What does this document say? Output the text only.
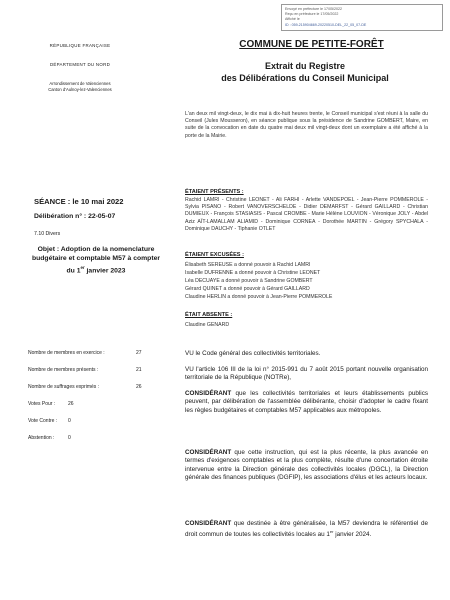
Envoyé en préfecture le 17/05/2022
Reçu en préfecture le 17/05/2022
Affiché le
ID : 059-215904669-20220510-DEL_22_05_07-DE
RÉPUBLIQUE FRANÇAISE
DÉPARTEMENT DU NORD
Arrondissement de Valenciennes
Canton d'Aulnoy-lez-Valenciennes
COMMUNE DE PETITE-FORÊT
Extrait du Registre
des Délibérations du Conseil Municipal
L'an deux mil vingt-deux, le dix mai à dix-huit heures trente, le Conseil municipal s'est réuni à la salle du Conseil (Jules Mousseron), en séance publique sous la présidence de Sandrine GOMBERT, Maire, en suite de la convocation en date du quatre mai deux mil vingt-deux dont un exemplaire a été affiché à la porte de la Mairie.
SÉANCE : le 10 mai 2022
Délibération n° : 22-05-07
7.10 Divers
Objet : Adoption de la nomenclature
budgétaire et comptable M57 à compter
du 1er janvier 2023
ÉTAIENT PRÉSENTS :
Rachid LAMRI - Christine LEONET - Ali FARHI - Arlette VANDEPOEL - Jean-Pierre POMMEROLE - Sylvia PISANO - Robert VANOVERSCHELDE - Didier DEMARFST - Gérard GAILLARD - Christian DUMIEUX - François STASIASIS - Pascal CROMBE - Marie Hélène LOUVION - Véronique JOLY - Abdel Aziz AÏT-LAMALLAM ALIAMID - Dominique CORNEA - Dorothée MARTIN - Grégory SPYCHALA - Dominique DAUCHY - Tiphanie OTLET
ÉTAIENT EXCUSÉES :
Élisabeth SEREUSE a donné pouvoir à Rachid LAMRI
Isabelle DUFRENNE a donné pouvoir à Christine LEONET
Léa DECUAYE a donné pouvoir à Sandrine GOMBERT
Gérard QUINET a donné pouvoir à Gérard GAILLARD
Claudine HERLIN a donné pouvoir à Jean-Pierre POMMEROLE
ÉTAIT ABSENTE :
Claudine GENARD
Nombre de membres en exercice :	27
Nombre de membres présents :	21
Nombre de suffrages exprimés :	26
Votes Pour :	26
Vote Contre : 0
Abstention :	0
VU le Code général des collectivités territoriales.
VU l'article 106 III de la loi n° 2015-991 du 7 août 2015 portant nouvelle organisation territoriale de la République (NOTRe),
CONSIDÉRANT que les collectivités territoriales et leurs établissements publics peuvent, par délibération de l'assemblée délibérante, choisir d'adopter le cadre fixant les règles budgétaires et comptables M57 applicables aux métropoles.
CONSIDÉRANT que cette instruction, qui est la plus récente, la plus avancée en termes d'exigences comptables et la plus complète, résulte d'une concertation étroite intervenue entre la Direction générale des collectivités locales (DGCL), la Direction générale des finances publiques (DGFIP), les associations d'élus et les acteurs locaux.
CONSIDÉRANT que destinée à être généralisée, la M57 deviendra le référentiel de droit commun de toutes les collectivités locales au 1er janvier 2024.
